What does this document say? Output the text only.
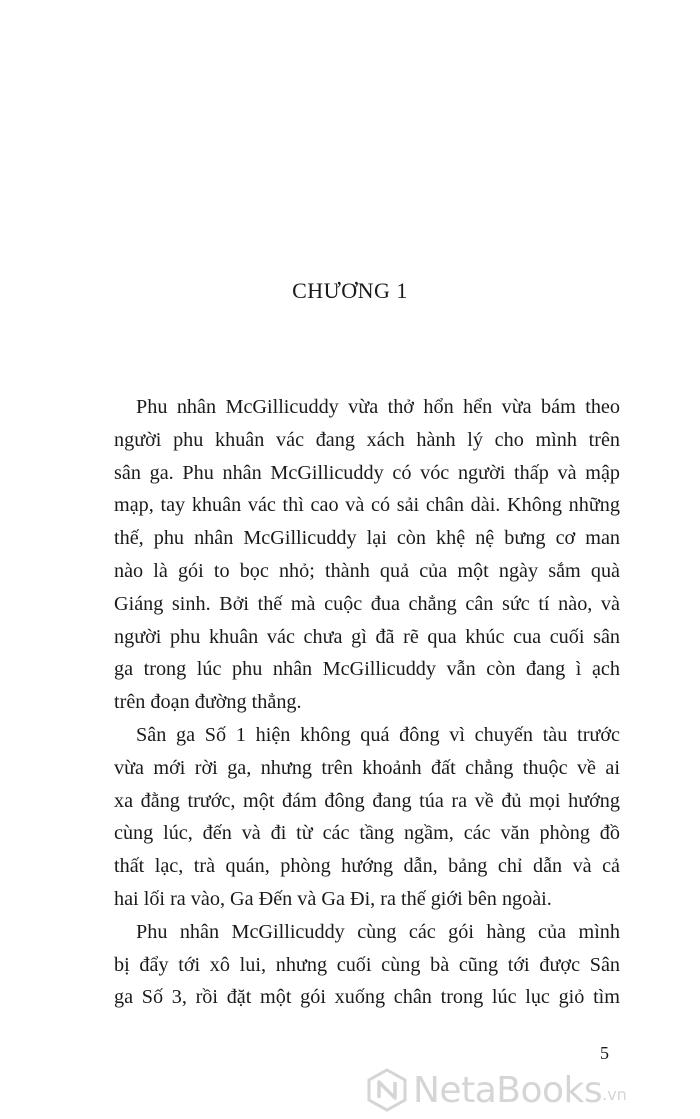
CHƯƠNG 1
Phu nhân McGillicuddy vừa thở hổn hển vừa bám theo
người phu khuân vác đang xách hành lý cho mình trên
sân ga. Phu nhân McGillicuddy có vóc người thấp và mập
mạp, tay khuân vác thì cao và có sải chân dài. Không những
thế, phu nhân McGillicuddy lại còn khệ nệ bưng cơ man
nào là gói to bọc nhỏ; thành quả của một ngày sắm quà
Giáng sinh. Bởi thế mà cuộc đua chẳng cân sức tí nào, và
người phu khuân vác chưa gì đã rẽ qua khúc cua cuối sân
ga trong lúc phu nhân McGillicuddy vẫn còn đang ì ạch
trên đoạn đường thẳng.
Sân ga Số 1 hiện không quá đông vì chuyến tàu trước
vừa mới rời ga, nhưng trên khoảnh đất chẳng thuộc về ai
xa đằng trước, một đám đông đang túa ra về đủ mọi hướng
cùng lúc, đến và đi từ các tầng ngầm, các văn phòng đồ
thất lạc, trà quán, phòng hướng dẫn, bảng chỉ dẫn và cả
hai lối ra vào, Ga Đến và Ga Đi, ra thế giới bên ngoài.
Phu nhân McGillicuddy cùng các gói hàng của mình
bị đẩy tới xô lui, nhưng cuối cùng bà cũng tới được Sân
ga Số 3, rồi đặt một gói xuống chân trong lúc lục giỏ tìm
5
NetaBooks .vn
